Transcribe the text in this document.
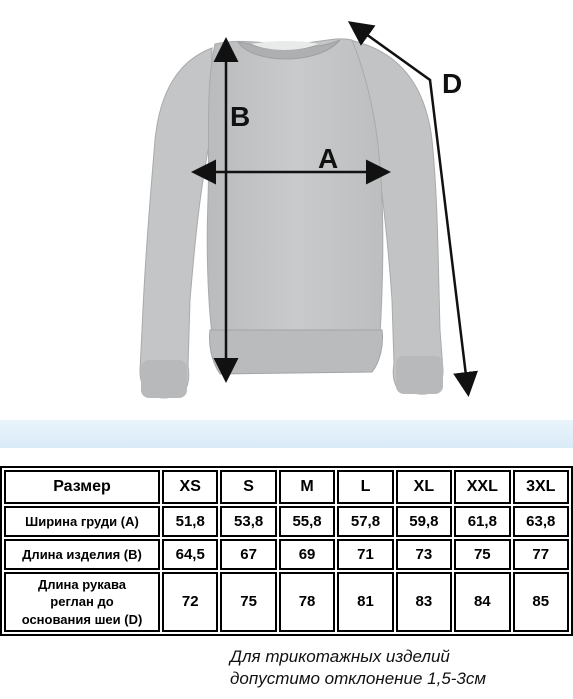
A
B
D
Размер	XS	S	M	L	XL	XXL	3XL
Ширина груди (А)	51,8	53,8	55,8	57,8	59,8	61,8	63,8
Длина изделия (В)	64,5	67	69	71	73	75	77

Длина рукава
реглан до
основания шеи (D)	72	75	78	81	83	84	85
Для трикотажных изделий
допустимо отклонение 1,5-3см
